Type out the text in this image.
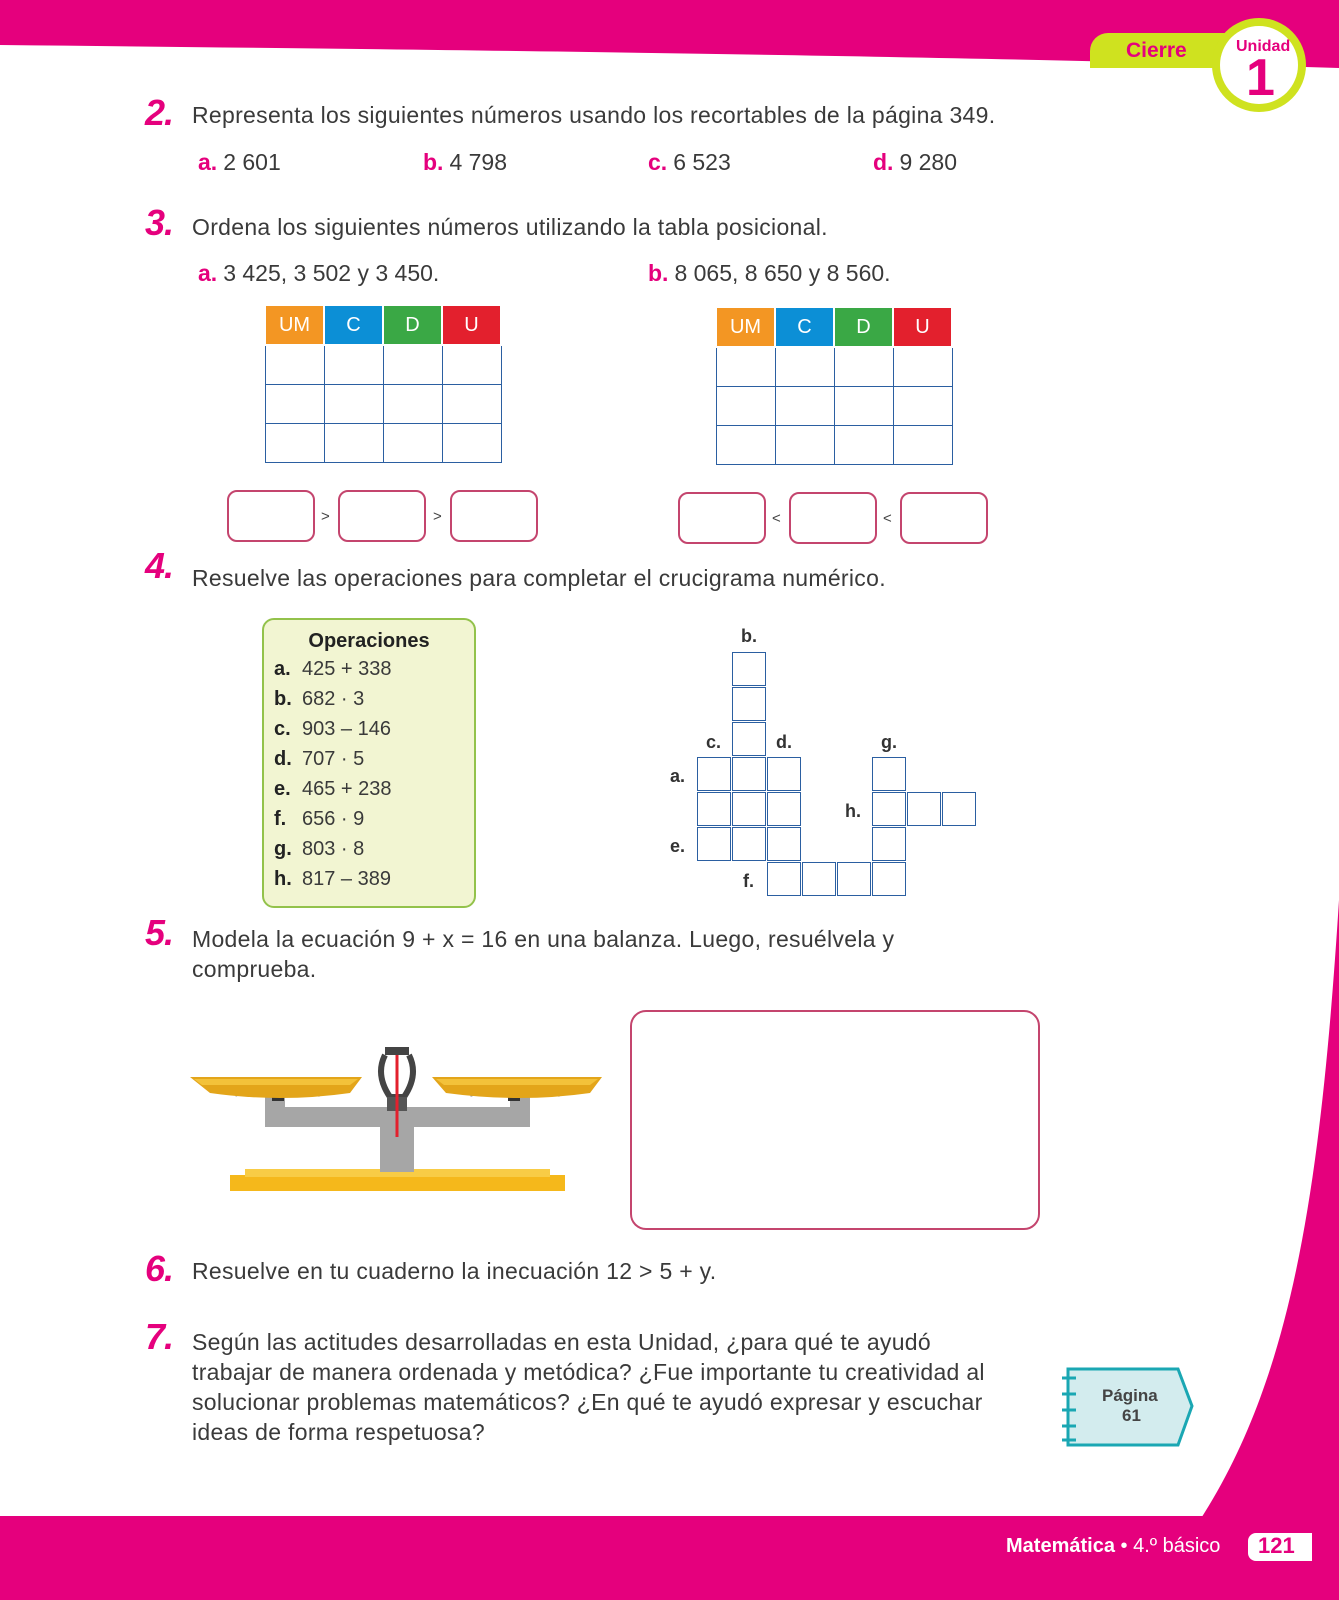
Cierre	Unidad
1
Matemática • 4.º básico 121
2. Representa los siguientes números usando los recortables de la página 349.
a. 2 601	b. 4 798	c. 6 523	d. 9 280
3. Ordena los siguientes números utilizando la tabla posicional.
a. 3 425, 3 502 y 3 450.	b. 8 065, 8 650 y 8 560.
UM	C	D	U

				UM	C	D	U

>	>	<	<
4. Resuelve las operaciones para completar el crucigrama numérico.
Operaciones
a. 425 + 338
b. 682 · 3
c. 903 – 146
d. 707 · 5
e. 465 + 238
f. 656 · 9
g. 803 · 8
h. 817 – 389
b.
c.	d.	g.
a.
h.
e.
f.
5. Modela la ecuación 9 + x = 16 en una balanza. Luego, resuélvela y
comprueba.
6. Resuelve en tu cuaderno la inecuación 12 > 5 + y.
7. Según las actitudes desarrolladas en esta Unidad, ¿para qué te ayudó
trabajar de manera ordenada y metódica? ¿Fue importante tu creatividad al
solucionar problemas matemáticos? ¿En qué te ayudó expresar y escuchar
ideas de forma respetuosa?
Página
61
